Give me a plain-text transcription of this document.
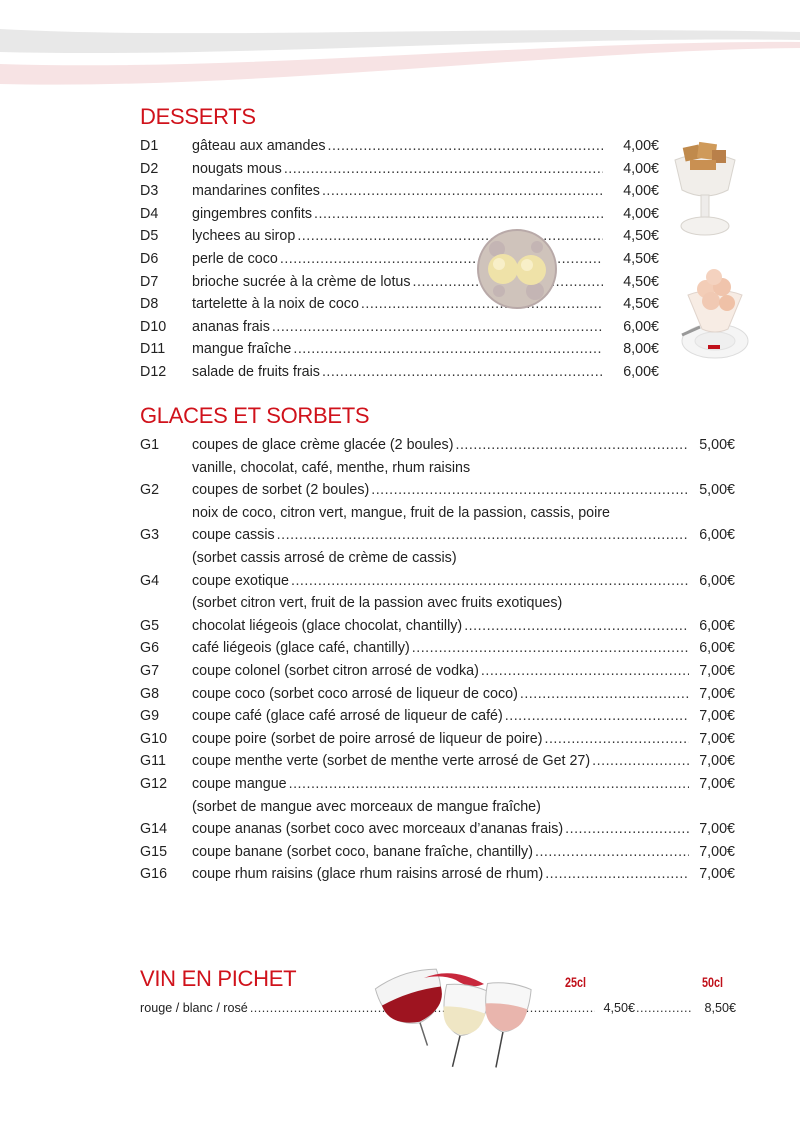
DESSERTS
D1	gâteau aux amandes .....	4,00€
D2	nougats mous .....	4,00€
D3	mandarines confites .....	4,00€
D4	gingembres confits .....	4,00€
D5	lychees au sirop .....	4,50€
D6	perle de coco .....	4,50€
D7	brioche sucrée à la crème de lotus .....	4,50€
D8	tartelette à la noix de coco .....	4,50€
D10	ananas frais .....	6,00€
D11	mangue fraîche .....	8,00€
D12	salade de fruits frais .....	6,00€
GLACES ET SORBETS
G1	coupes de glace crème glacée (2 boules) .....	5,00€
vanille, chocolat, café, menthe, rhum raisins
G2	coupes de sorbet (2 boules) .....	5,00€
noix de coco, citron vert, mangue, fruit de la passion, cassis, poire
G3	coupe cassis .....	6,00€
(sorbet cassis arrosé de crème de cassis)
G4	coupe exotique .....	6,00€
(sorbet citron vert, fruit de la passion avec fruits exotiques)
G5	chocolat liégeois (glace chocolat, chantilly) .....	6,00€
G6	café liégeois (glace café, chantilly) .....	6,00€
G7	coupe colonel (sorbet citron arrosé de vodka) .....	7,00€
G8	coupe coco (sorbet coco arrosé de liqueur de coco) .....	7,00€
G9	coupe café (glace café arrosé de liqueur de café) .....	7,00€
G10	coupe poire (sorbet de poire arrosé de liqueur de poire) .....	7,00€
G11	coupe menthe verte (sorbet de menthe verte arrosé de Get 27) .....	7,00€
G12	coupe mangue .....	7,00€
(sorbet de mangue avec morceaux de mangue fraîche)
G14	coupe ananas (sorbet coco avec morceaux d’ananas frais) .....	7,00€
G15	coupe banane (sorbet coco, banane fraîche, chantilly) .....	7,00€
G16	coupe rhum raisins (glace rhum raisins arrosé de rhum) .....	7,00€
VIN EN PICHET	25cl	50cl
rouge / blanc / rosé .....	4,50€ .....	8,50€
